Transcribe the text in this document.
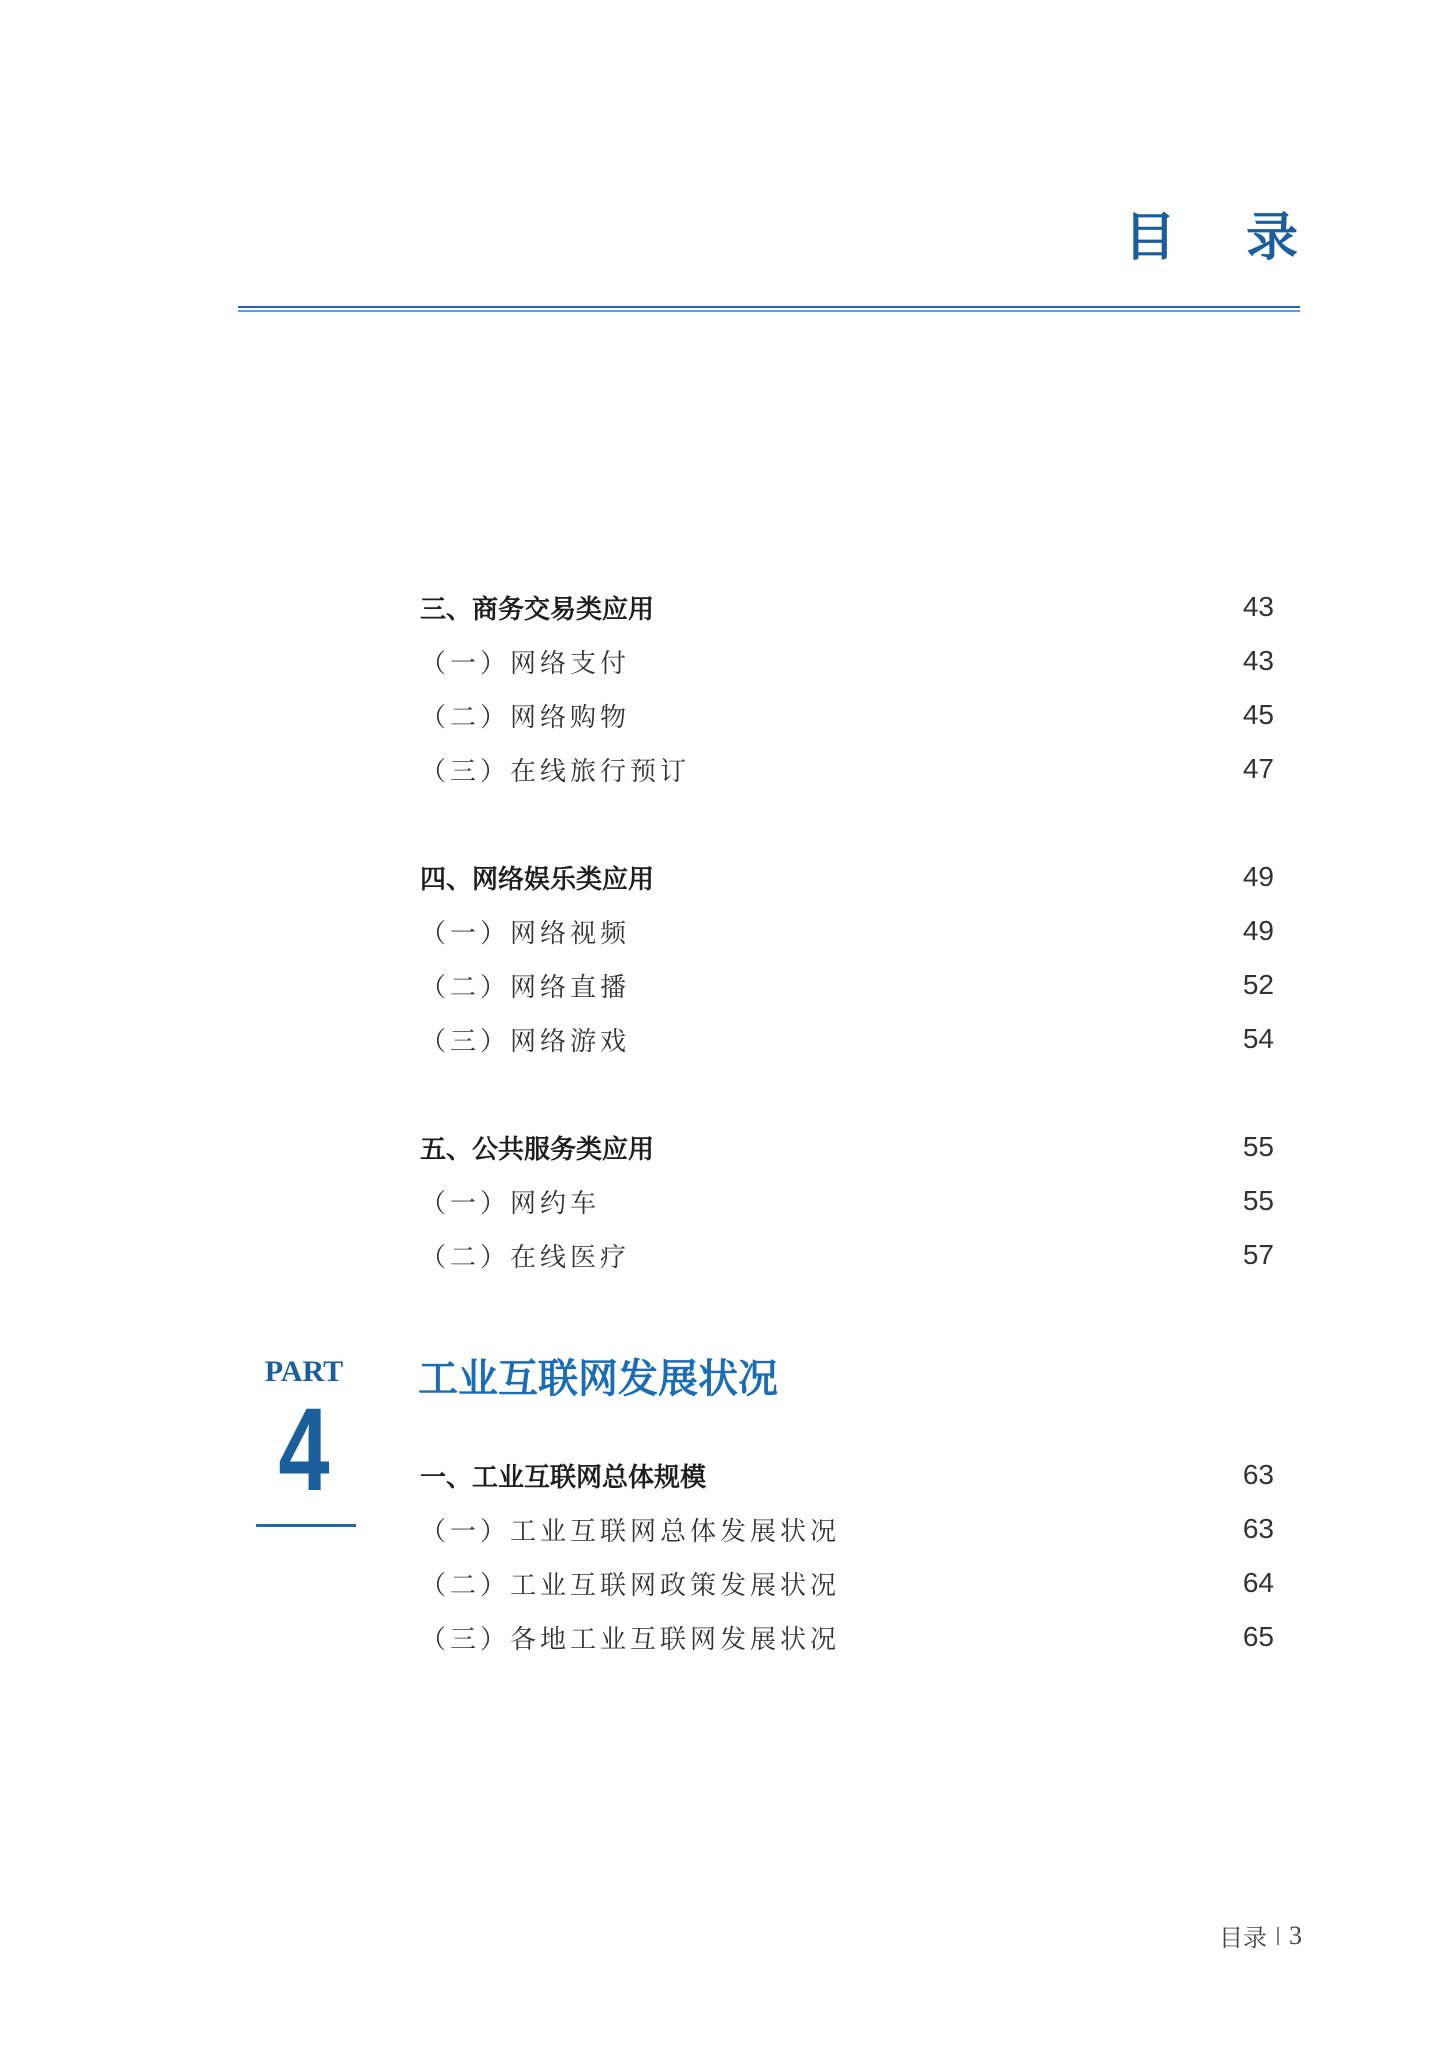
目 录
三、商务交易类应用	43
（一）网络支付	43
（二）网络购物	45
（三）在线旅行预订	47
四、网络娱乐类应用	49
（一）网络视频	49
（二）网络直播	52
（三）网络游戏	54
五、公共服务类应用	55
（一）网约车	55
（二）在线医疗	57
PART
4
工业互联网发展状况
一、工业互联网总体规模	63
（一）工业互联网总体发展状况	63
（二）工业互联网政策发展状况	64
（三）各地工业互联网发展状况	65
目录 3
